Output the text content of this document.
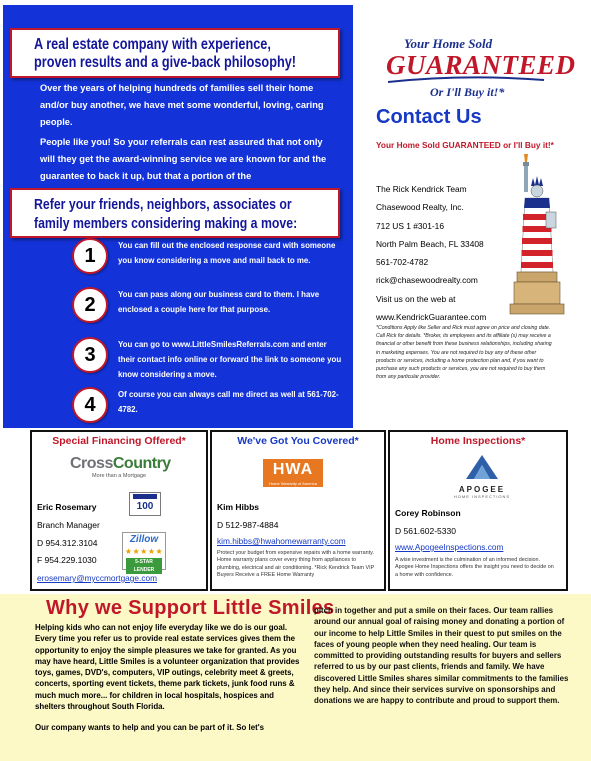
A real estate company with experience,
proven results and a give-back philosophy!
Over the years of helping hundreds of families sell their home and/or buy another, we have met some wonderful, loving, caring people.
People like you! So your referrals can rest assured that not only will they get the award-winning service we are known for and the guarantee to back it up, but that a portion of the
Refer your friends, neighbors, associates or
family members considering making a move:
1	You can fill out the enclosed response card with someone you know considering a move and mail back to me.
2	You can pass along our business card to them. I have enclosed a couple here for that purpose.
3	You can go to www.LittleSmilesReferrals.com and enter their contact info online or forward the link to someone you know considering a move.
4	Of course you can always call me direct as well at 561-702-4782.
Your Home Sold
GUARANTEED
Or I'll Buy it!*
Contact Us
Your Home Sold GUARANTEED or I'll Buy it!*
The Rick Kendrick Team
Chasewood Realty, Inc.
712 US 1 #301-16
North Palm Beach, FL 33408
561-702-4782
rick@chasewoodrealty.com
Visit us on the web at
www.KendrickGuarantee.com
*Conditions Apply like Seller and Rick must agree on price and closing date. Call Rick for details. *Broker, its employees and its affiliate (s) may receive a financial or other benefit from these business relationships, including sharing in marketing expenses. You are not required to buy any of these other products or services, including a home protection plan and, if you want to purchase any such products or services, you are not required to buy them from any particular provider.
Special Financing Offered*
CrossCountry
More than a Mortgage
100
Zillow
★★★★★
5-STAR LENDER
Eric Rosemary
Branch Manager
D 954.312.3104
F 954.229.1030
erosemary@myccmortgage.com
We've Got You Covered*
HWA
Home Warranty of America
Kim Hibbs
D 512-987-4884
kim.hibbs@hwahomewarranty.com
Protect your budget from expensive repairs with a home warranty. Home warranty plans cover every thing from appliances to plumbing, electrical and air conditioning. *Rick Kendrick Team VIP Buyers Receive a FREE Home Warranty
Home Inspections*
APOGEE
HOME INSPECTIONS
Corey Robinson
D 561.602-5330
www.ApogeeInspections.com
A wise investment is the culmination of an informed decision. Apogee Home Inspections offers the insight you need to decide on a home with confidence.
Why we Support Little Smiles

Helping kids who can not enjoy life everyday like we do is our goal. Every time you refer us to provide real estate services gives them the opportunity to enjoy the simple pleasures we take for granted. As you may have heard, Little Smiles is a volunteer organization that provides toys, games, DVD's, computers, VIP outings, celebrity meet & greets, concerts, sporting event tickets, theme park tickets, junk food runs & much much more... for children in local hospitals, hospices and shelters throughout South Florida.

Our company wants to help and you can be part of it. So let's

pitch in together and put a smile on their faces. Our team rallies around our annual goal of raising money and donating a portion of our income to help Little Smiles in their quest to put smiles on the faces of young people when they need healing. Our team is committed to providing outstanding results for buyers and sellers referred to us by our past clients, friends and family. We have discovered Little Smiles shares similar commitments to the families they help. And since their services survive on sponsorships and donations we are happy to contribute and proud to support them.
